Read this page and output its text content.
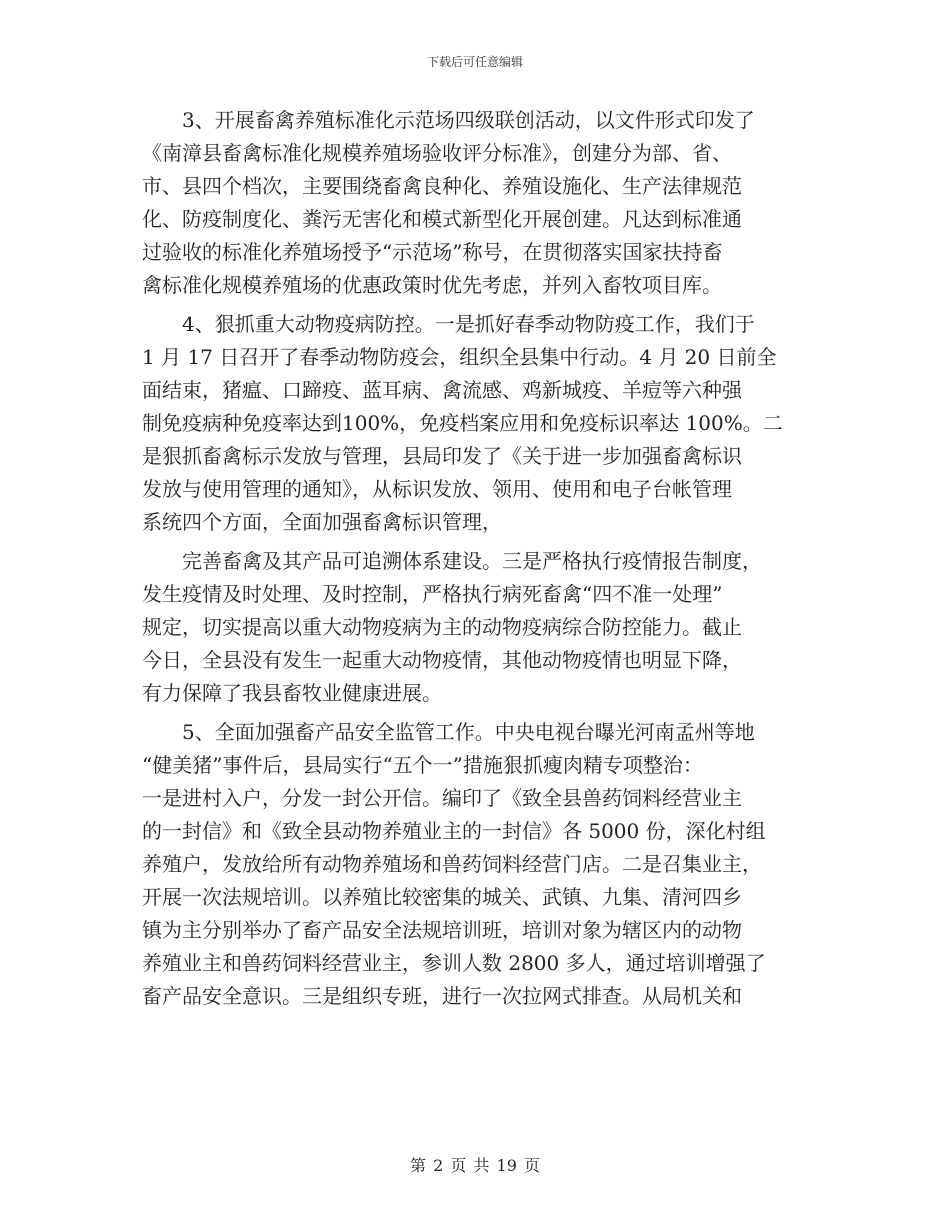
下载后可任意编辑
3、开展畜禽养殖标准化示范场四级联创活动，以文件形式印发了
《南漳县畜禽标准化规模养殖场验收评分标准》，创建分为部、省、
市、县四个档次，主要围绕畜禽良种化、养殖设施化、生产法律规范
化、防疫制度化、粪污无害化和模式新型化开展创建。凡达到标准通
过验收的标准化养殖场授予“示范场”称号，在贯彻落实国家扶持畜
禽标准化规模养殖场的优惠政策时优先考虑，并列入畜牧项目库。
4、狠抓重大动物疫病防控。一是抓好春季动物防疫工作，我们于
1 月 17 日召开了春季动物防疫会，组织全县集中行动。4 月 20 日前全
面结束，猪瘟、口蹄疫、蓝耳病、禽流感、鸡新城疫、羊痘等六种强
制免疫病种免疫率达到100%，免疫档案应用和免疫标识率达 100%。二
是狠抓畜禽标示发放与管理，县局印发了《关于进一步加强畜禽标识
发放与使用管理的通知》，从标识发放、领用、使用和电子台帐管理
系统四个方面，全面加强畜禽标识管理，
完善畜禽及其产品可追溯体系建设。三是严格执行疫情报告制度，
发生疫情及时处理、及时控制，严格执行病死畜禽“四不准一处理”
规定，切实提高以重大动物疫病为主的动物疫病综合防控能力。截止
今日，全县没有发生一起重大动物疫情，其他动物疫情也明显下降，
有力保障了我县畜牧业健康进展。
5、全面加强畜产品安全监管工作。中央电视台曝光河南孟州等地
“健美猪”事件后，县局实行“五个一”措施狠抓瘦肉精专项整治：
一是进村入户，分发一封公开信。编印了《致全县兽药饲料经营业主
的一封信》和《致全县动物养殖业主的一封信》各 5000 份，深化村组
养殖户，发放给所有动物养殖场和兽药饲料经营门店。二是召集业主，
开展一次法规培训。以养殖比较密集的城关、武镇、九集、清河四乡
镇为主分别举办了畜产品安全法规培训班，培训对象为辖区内的动物
养殖业主和兽药饲料经营业主，参训人数 2800 多人，通过培训增强了
畜产品安全意识。三是组织专班，进行一次拉网式排查。从局机关和
第 2 页 共 19 页
